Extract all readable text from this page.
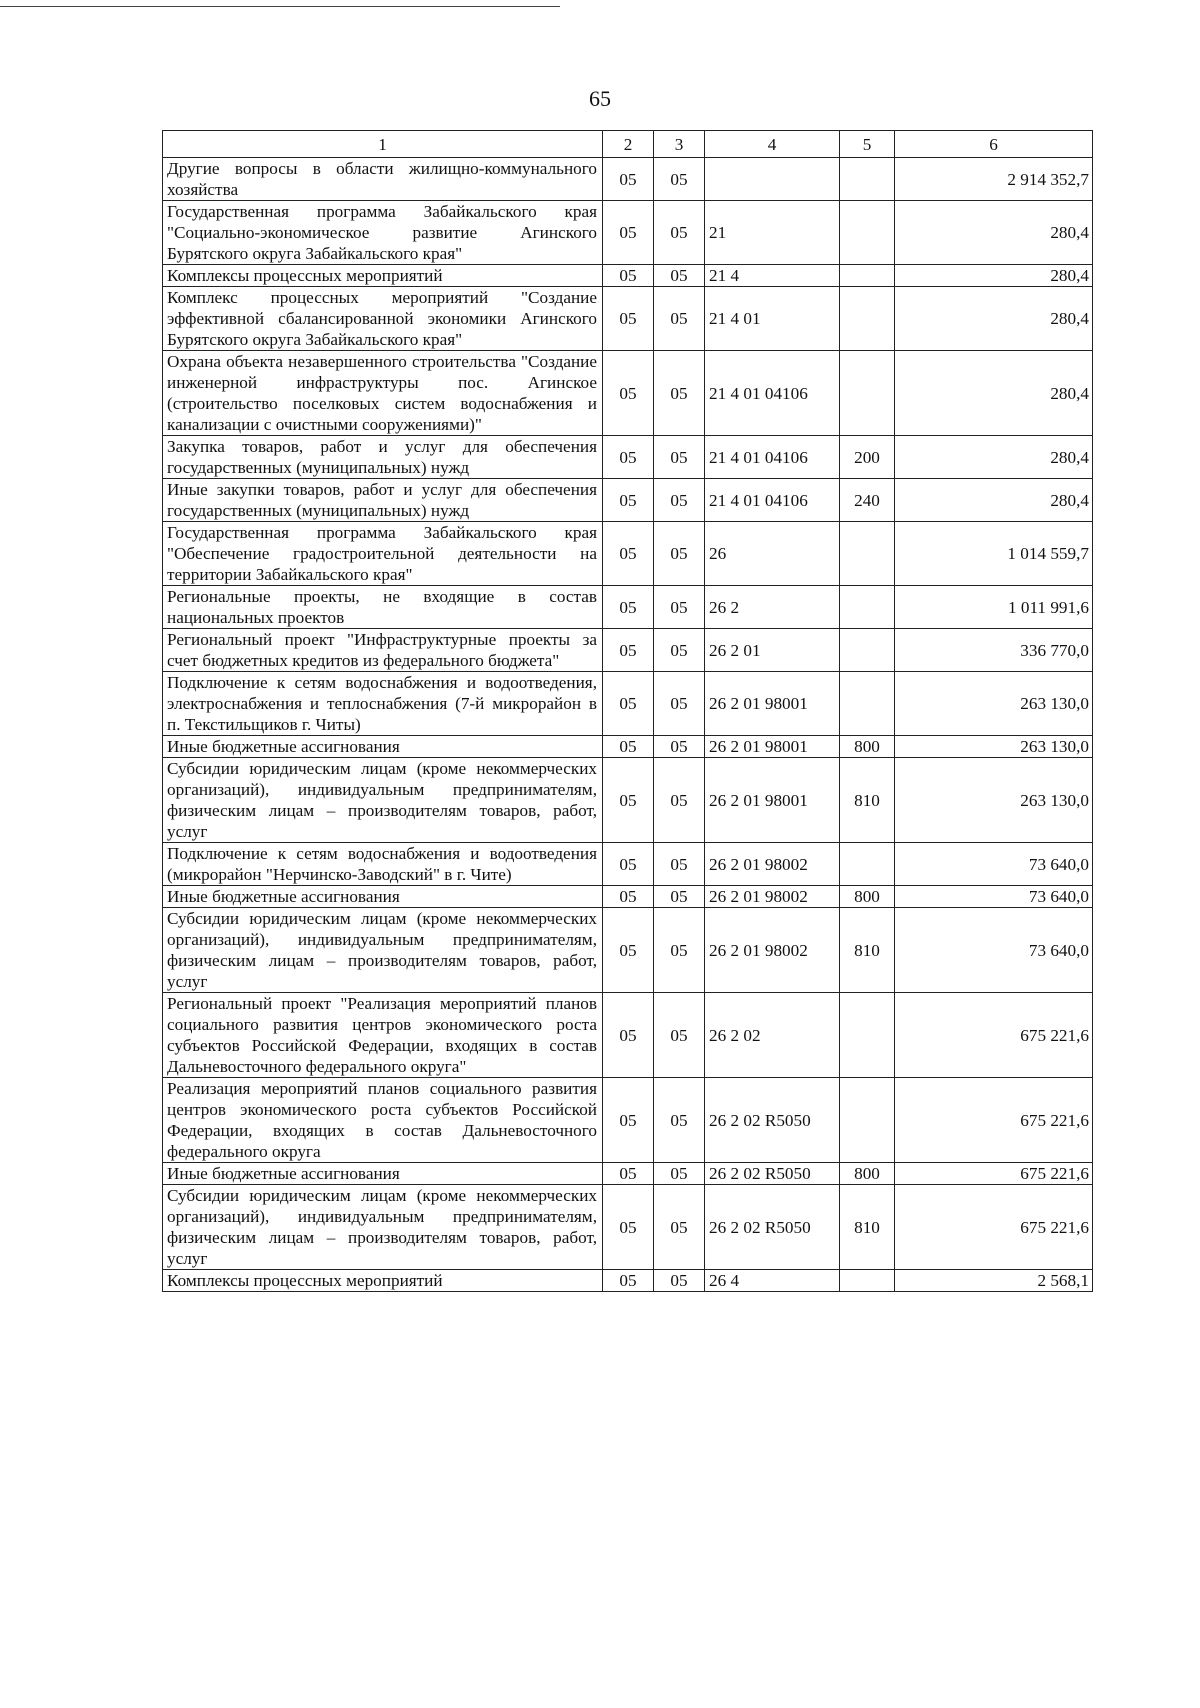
65
1	2	3	4	5	6
Другие вопросы в области жилищно-коммунального хозяйства	05	05			2 914 352,7
Государственная программа Забайкальского края "Социально-экономическое развитие Агинского Бурятского округа Забайкальского края"	05	05	21		280,4
Комплексы процессных мероприятий	05	05	21 4		280,4
Комплекс процессных мероприятий "Создание эффективной сбалансированной экономики Агинского Бурятского округа Забайкальского края"	05	05	21 4 01		280,4
Охрана объекта незавершенного строительства "Создание инженерной инфраструктуры пос. Агинское (строительство поселковых систем водоснабжения и канализации с очистными сооружениями)"	05	05	21 4 01 04106		280,4
Закупка товаров, работ и услуг для обеспечения государственных (муниципальных) нужд	05	05	21 4 01 04106	200	280,4
Иные закупки товаров, работ и услуг для обеспечения государственных (муниципальных) нужд	05	05	21 4 01 04106	240	280,4
Государственная программа Забайкальского края "Обеспечение градостроительной деятельности на территории Забайкальского края"	05	05	26		1 014 559,7
Региональные проекты, не входящие в состав национальных проектов	05	05	26 2		1 011 991,6
Региональный проект "Инфраструктурные проекты за счет бюджетных кредитов из федерального бюджета"	05	05	26 2 01		336 770,0
Подключение к сетям водоснабжения и водоотведения, электроснабжения и теплоснабжения (7-й микрорайон в п. Текстильщиков г. Читы)	05	05	26 2 01 98001		263 130,0
Иные бюджетные ассигнования	05	05	26 2 01 98001	800	263 130,0
Субсидии юридическим лицам (кроме некоммерческих организаций), индивидуальным предпринимателям, физическим лицам – производителям товаров, работ, услуг	05	05	26 2 01 98001	810	263 130,0
Подключение к сетям водоснабжения и водоотведения (микрорайон "Нерчинско-Заводский" в г. Чите)	05	05	26 2 01 98002		73 640,0
Иные бюджетные ассигнования	05	05	26 2 01 98002	800	73 640,0
Субсидии юридическим лицам (кроме некоммерческих организаций), индивидуальным предпринимателям, физическим лицам – производителям товаров, работ, услуг	05	05	26 2 01 98002	810	73 640,0
Региональный проект "Реализация мероприятий планов социального развития центров экономического роста субъектов Российской Федерации, входящих в состав Дальневосточного федерального округа"	05	05	26 2 02		675 221,6
Реализация мероприятий планов социального развития центров экономического роста субъектов Российской Федерации, входящих в состав Дальневосточного федерального округа	05	05	26 2 02 R5050		675 221,6
Иные бюджетные ассигнования	05	05	26 2 02 R5050	800	675 221,6
Субсидии юридическим лицам (кроме некоммерческих организаций), индивидуальным предпринимателям, физическим лицам – производителям товаров, работ, услуг	05	05	26 2 02 R5050	810	675 221,6
Комплексы процессных мероприятий	05	05	26 4		2 568,1
